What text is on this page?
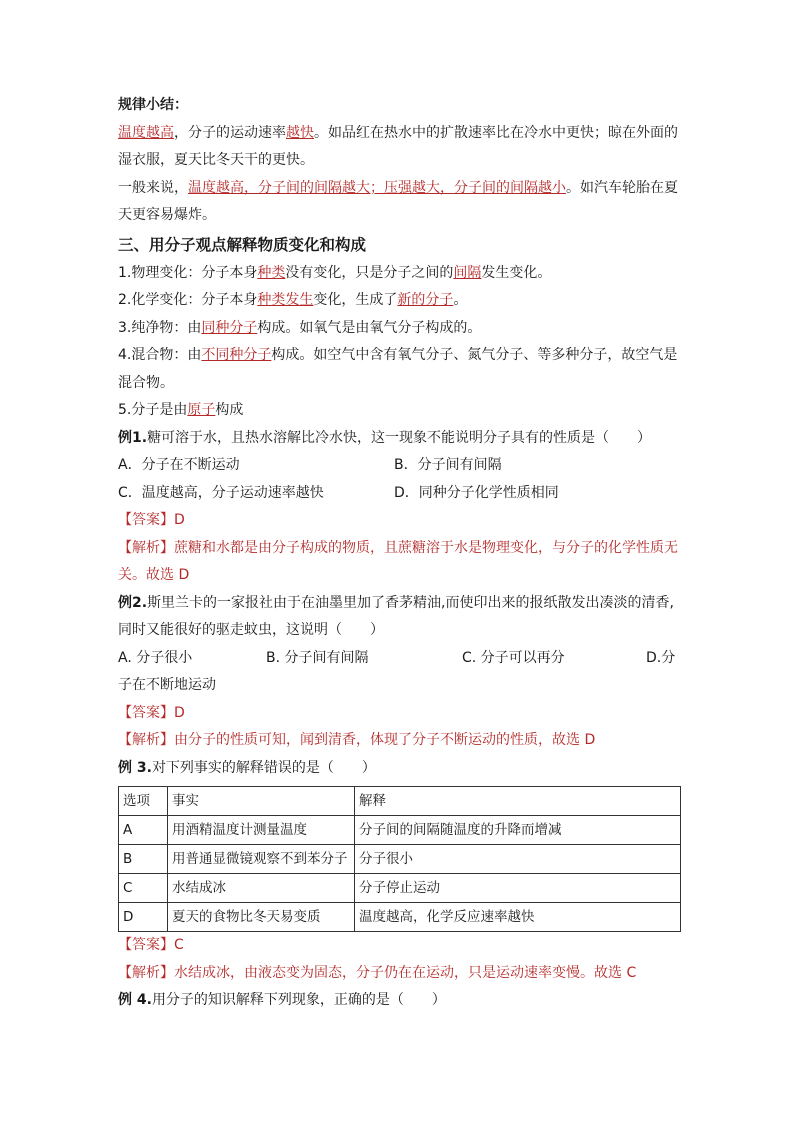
规律小结：
温度越高，分子的运动速率越快。如品红在热水中的扩散速率比在冷水中更快；晾在外面的
湿衣服，夏天比冬天干的更快。
一般来说，温度越高，分子间的间隔越大；压强越大，分子间的间隔越小。如汽车轮胎在夏
天更容易爆炸。
三、用分子观点解释物质变化和构成
1.物理变化：分子本身种类没有变化，只是分子之间的间隔发生变化。
2.化学变化：分子本身种类发生变化，生成了新的分子。
3.纯净物：由同种分子构成。如氧气是由氧气分子构成的。
4.混合物：由不同种分子构成。如空气中含有氧气分子、氮气分子、等多种分子，故空气是
混合物。
5.分子是由原子构成
例1.糖可溶于水，且热水溶解比冷水快，这一现象不能说明分子具有的性质是（　　）
A．分子在不断运动	B．分子间有间隔
C．温度越高，分子运动速率越快	D．同种分子化学性质相同
【答案】D
【解析】蔗糖和水都是由分子构成的物质，且蔗糖溶于水是物理变化，与分子的化学性质无
关。故选 D
例2.斯里兰卡的一家报社由于在油墨里加了香茅精油,而使印出来的报纸散发出凑淡的清香,
同时又能很好的驱走蚊虫，这说明（　　）
A. 分子很小	B. 分子间有间隔	C. 分子可以再分	D.分
子在不断地运动
【答案】D
【解析】由分子的性质可知，闻到清香，体现了分子不断运动的性质，故选 D
例 3.对下列事实的解释错误的是（　　）
选项	事实	解释
A	用酒精温度计测量温度	分子间的间隔随温度的升降而增减
B	用普通显微镜观察不到苯分子	分子很小
C	水结成冰	分子停止运动
D	夏天的食物比冬天易变质	温度越高，化学反应速率越快
【答案】C
【解析】水结成冰，由液态变为固态，分子仍在在运动，只是运动速率变慢。故选 C
例 4.用分子的知识解释下列现象，正确的是（　　）
